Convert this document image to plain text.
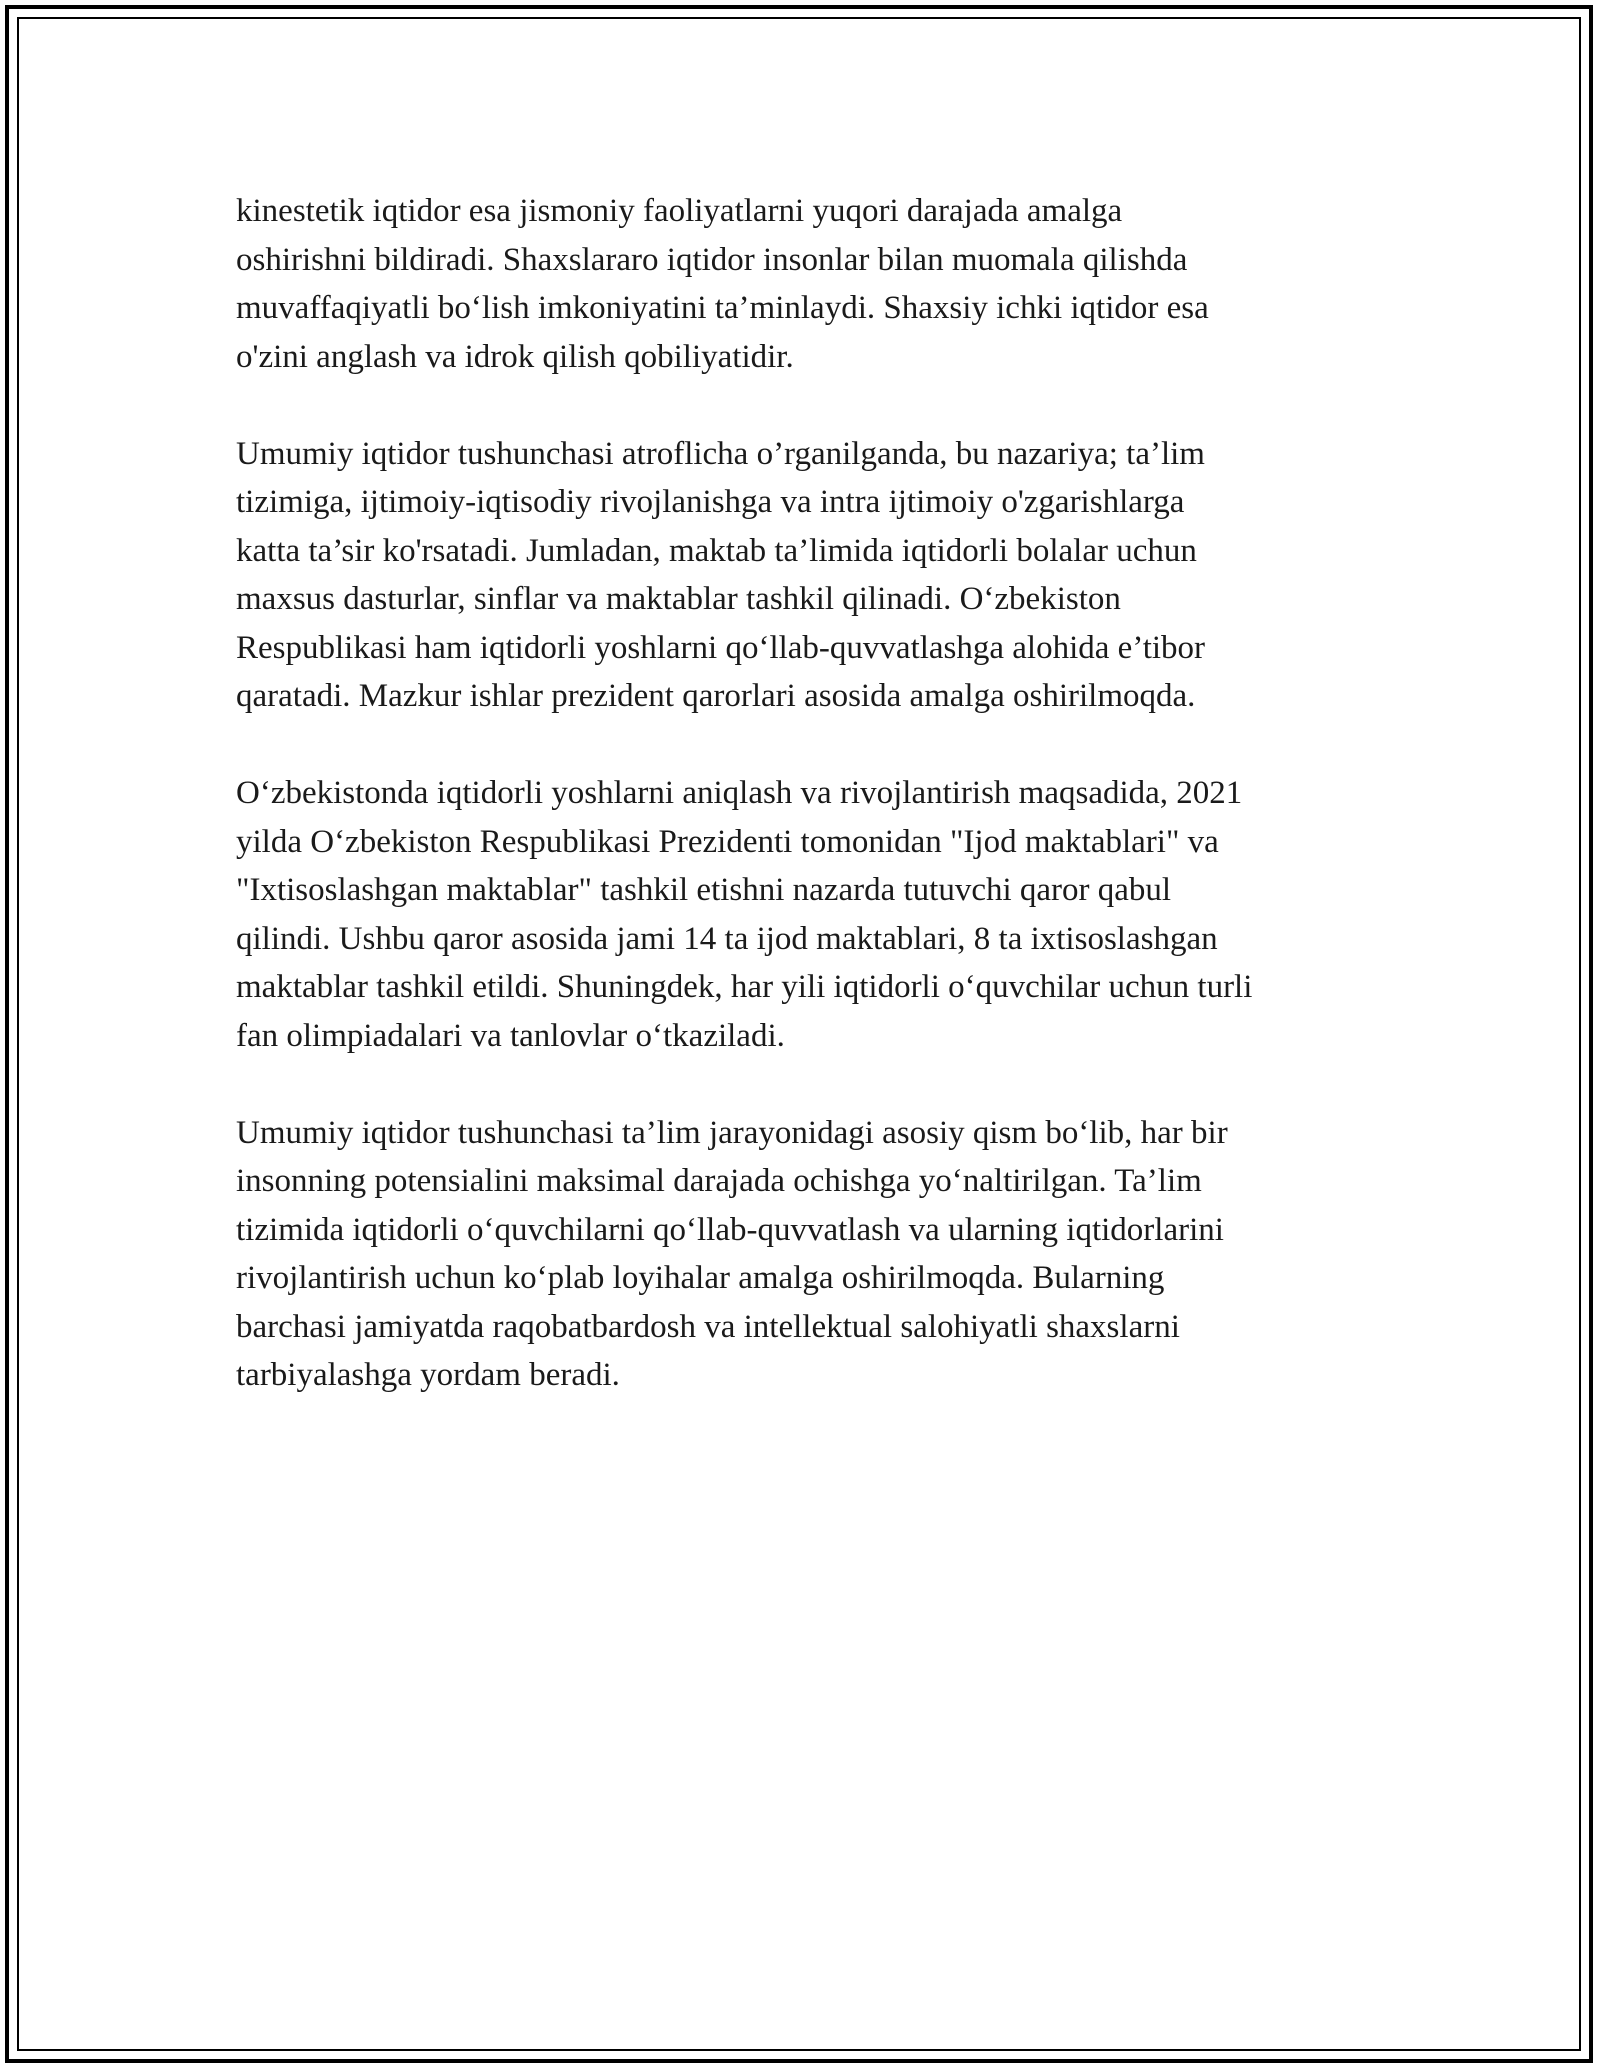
kinestetik iqtidor esa jismoniy faoliyatlarni yuqori darajada amalga
oshirishni bildiradi. Shaxslararo iqtidor insonlar bilan muomala qilishda
muvaffaqiyatli bo‘lish imkoniyatini ta’minlaydi. Shaxsiy ichki iqtidor esa
o'zini anglash va idrok qilish qobiliyatidir.

Umumiy iqtidor tushunchasi atroflicha o’rganilganda, bu nazariya; ta’lim
tizimiga, ijtimoiy-iqtisodiy rivojlanishga va intra ijtimoiy o'zgarishlarga
katta ta’sir ko'rsatadi. Jumladan, maktab ta’limida iqtidorli bolalar uchun
maxsus dasturlar, sinflar va maktablar tashkil qilinadi. O‘zbekiston
Respublikasi ham iqtidorli yoshlarni qo‘llab-quvvatlashga alohida e’tibor
qaratadi. Mazkur ishlar prezident qarorlari asosida amalga oshirilmoqda.

O‘zbekistonda iqtidorli yoshlarni aniqlash va rivojlantirish maqsadida, 2021
yilda O‘zbekiston Respublikasi Prezidenti tomonidan "Ijod maktablari" va
"Ixtisoslashgan maktablar" tashkil etishni nazarda tutuvchi qaror qabul
qilindi. Ushbu qaror asosida jami 14 ta ijod maktablari, 8 ta ixtisoslashgan
maktablar tashkil etildi. Shuningdek, har yili iqtidorli o‘quvchilar uchun turli
fan olimpiadalari va tanlovlar o‘tkaziladi.

Umumiy iqtidor tushunchasi ta’lim jarayonidagi asosiy qism bo‘lib, har bir
insonning potensialini maksimal darajada ochishga yo‘naltirilgan. Ta’lim
tizimida iqtidorli o‘quvchilarni qo‘llab-quvvatlash va ularning iqtidorlarini
rivojlantirish uchun ko‘plab loyihalar amalga oshirilmoqda. Bularning
barchasi jamiyatda raqobatbardosh va intellektual salohiyatli shaxslarni
tarbiyalashga yordam beradi.
